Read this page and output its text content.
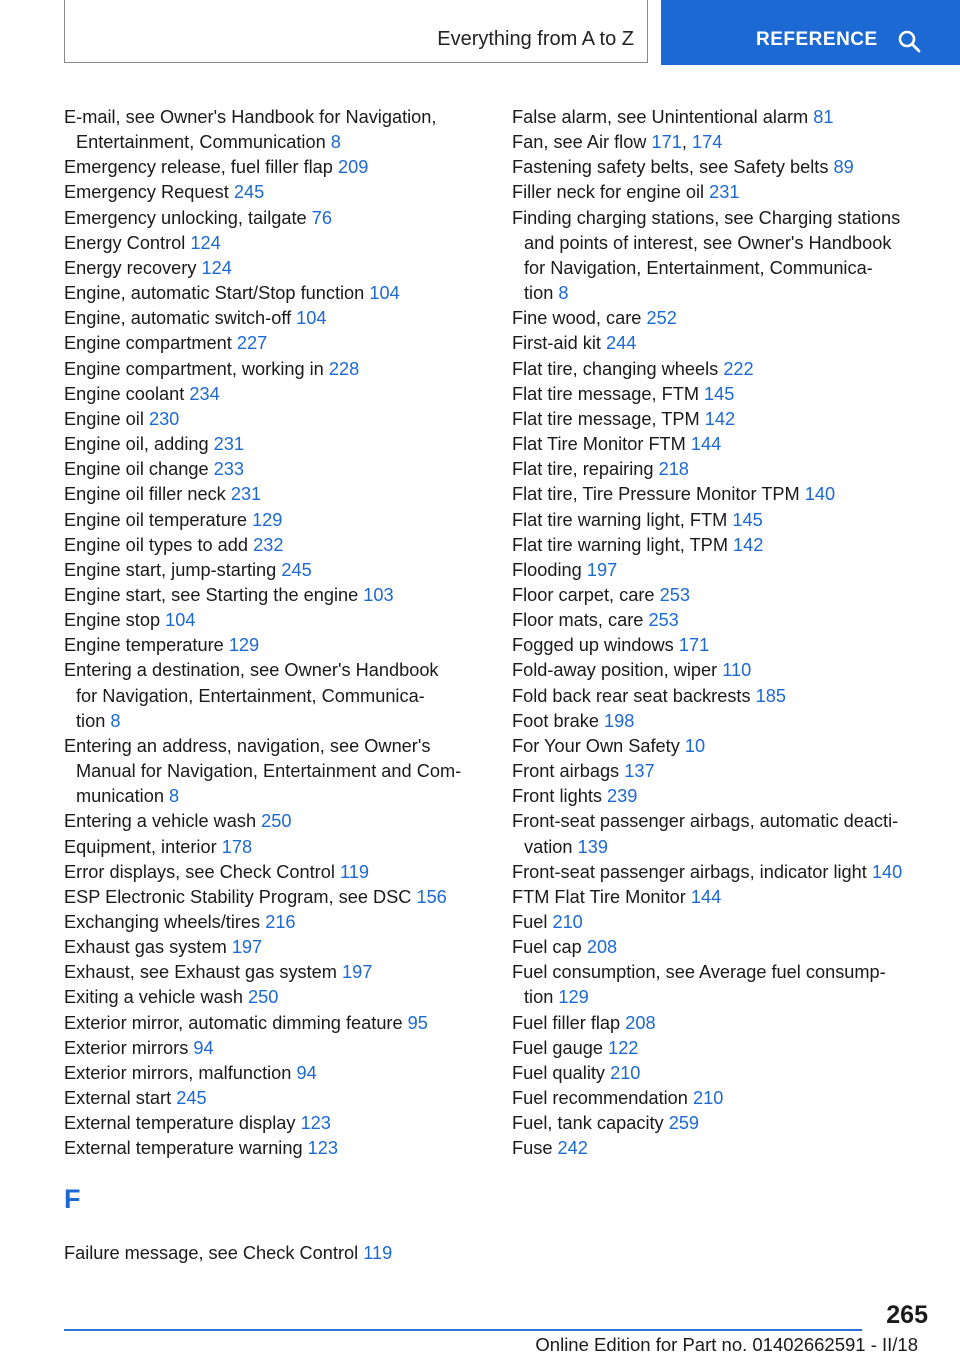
Everything from A to Z	REFERENCE
E-mail, see Owner's Handbook for Navigation,
Entertainment, Communication 8
Emergency release, fuel filler flap 209
Emergency Request 245
Emergency unlocking, tailgate 76
Energy Control 124
Energy recovery 124
Engine, automatic Start/Stop function 104
Engine, automatic switch-off 104
Engine compartment 227
Engine compartment, working in 228
Engine coolant 234
Engine oil 230
Engine oil, adding 231
Engine oil change 233
Engine oil filler neck 231
Engine oil temperature 129
Engine oil types to add 232
Engine start, jump-starting 245
Engine start, see Starting the engine 103
Engine stop 104
Engine temperature 129
Entering a destination, see Owner's Handbook
for Navigation, Entertainment, Communica-
tion 8
Entering an address, navigation, see Owner's
Manual for Navigation, Entertainment and Com-
munication 8
Entering a vehicle wash 250
Equipment, interior 178
Error displays, see Check Control 119
ESP Electronic Stability Program, see DSC 156
Exchanging wheels/tires 216
Exhaust gas system 197
Exhaust, see Exhaust gas system 197
Exiting a vehicle wash 250
Exterior mirror, automatic dimming feature 95
Exterior mirrors 94
Exterior mirrors, malfunction 94
External start 245
External temperature display 123
External temperature warning 123
False alarm, see Unintentional alarm 81
Fan, see Air flow 171, 174
Fastening safety belts, see Safety belts 89
Filler neck for engine oil 231
Finding charging stations, see Charging stations
and points of interest, see Owner's Handbook
for Navigation, Entertainment, Communica-
tion 8
Fine wood, care 252
First-aid kit 244
Flat tire, changing wheels 222
Flat tire message, FTM 145
Flat tire message, TPM 142
Flat Tire Monitor FTM 144
Flat tire, repairing 218
Flat tire, Tire Pressure Monitor TPM 140
Flat tire warning light, FTM 145
Flat tire warning light, TPM 142
Flooding 197
Floor carpet, care 253
Floor mats, care 253
Fogged up windows 171
Fold-away position, wiper 110
Fold back rear seat backrests 185
Foot brake 198
For Your Own Safety 10
Front airbags 137
Front lights 239
Front-seat passenger airbags, automatic deacti-
vation 139
Front-seat passenger airbags, indicator light 140
FTM Flat Tire Monitor 144
Fuel 210
Fuel cap 208
Fuel consumption, see Average fuel consump-
tion 129
Fuel filler flap 208
Fuel gauge 122
Fuel quality 210
Fuel recommendation 210
Fuel, tank capacity 259
Fuse 242
F
Failure message, see Check Control 119
265
Online Edition for Part no. 01402662591 - II/18
